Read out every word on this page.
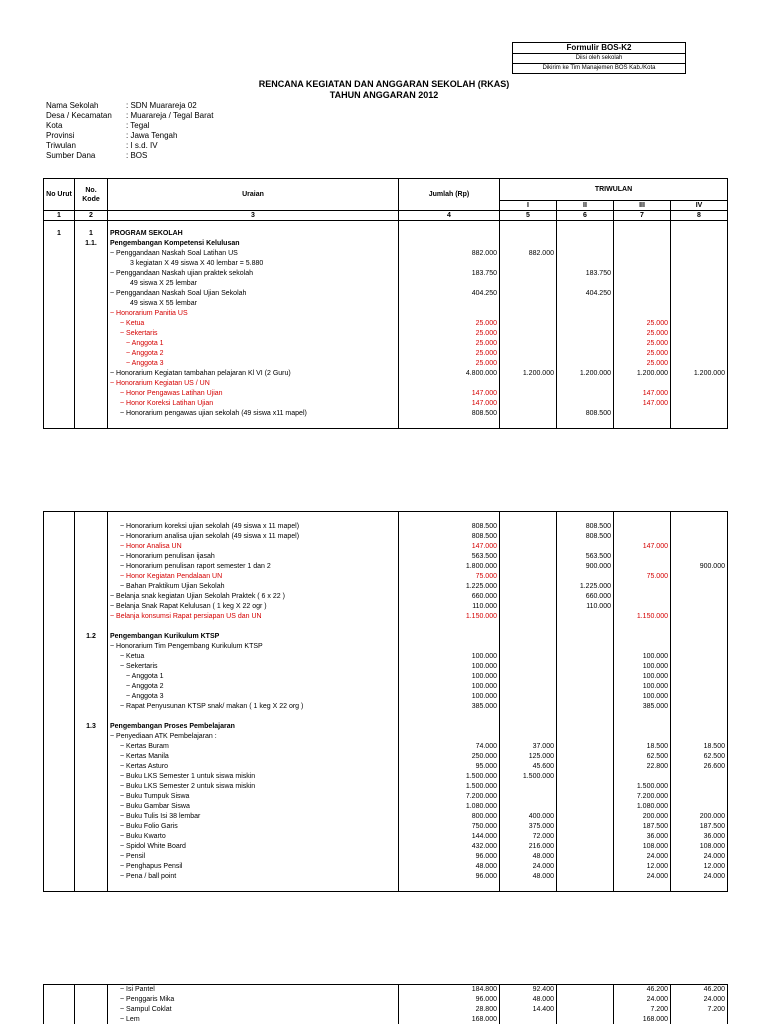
Formulir BOS-K2
Diisi oleh sekolah
Dikirim ke Tim Manajemen BOS Kab./Kota
RENCANA KEGIATAN DAN ANGGARAN SEKOLAH (RKAS)
TAHUN ANGGARAN 2012
Nama Sekolah	: SDN Muarareja 02
Desa / Kecamatan	: Muarareja / Tegal Barat
Kota	: Tegal
Provinsi	: Jawa Tengah
Triwulan	: I s.d. IV
Sumber Dana	: BOS
No Urut	No.
Kode	Uraian	Jumlah (Rp)	TRIWULAN			
				I	II	III	IV
1	2	3	4	5	6	7	8

1	1	PROGRAM SEKOLAH					
	1.1.	Pengembangan Kompetensi Kelulusan					
		~ Penggandaan Naskah Soal Latihan US	882.000	882.000			
		3 kegiatan X 49 siswa X 40 lembar = 5.880					
		~ Penggandaan Naskah ujian praktek sekolah	183.750		183.750		
		49 siswa X 25 lembar					
		~ Penggandaan Naskah Soal Ujian Sekolah	404.250		404.250		
		49 siswa X 55 lembar					
		~ Honorarium Panitia US					
		~ Ketua	25.000			25.000	
		~ Sekertaris	25.000			25.000	
		~ Anggota 1	25.000			25.000	
		~ Anggota 2	25.000			25.000	
		~ Anggota 3	25.000			25.000	
		~ Honorarium Kegiatan tambahan pelajaran Kl VI (2 Guru)	4.800.000	1.200.000	1.200.000	1.200.000	1.200.000
		~ Honorarium Kegiatan US / UN					
		~ Honor Pengawas Latihan Ujian	147.000			147.000	
		~ Honor Koreksi Latihan Ujian	147.000			147.000	
		~ Honorarium pengawas ujian sekolah (49 siswa x11 mapel)	808.500		808.500		

		~ Honorarium koreksi ujian sekolah (49 siswa x 11 mapel)	808.500		808.500		
		~ Honorarium analisa ujian sekolah (49 siswa x 11 mapel)	808.500		808.500		
		~ Honor Analisa UN	147.000			147.000	
		~ Honorarium penulisan ijasah	563.500		563.500		
		~ Honorarium penulisan raport semester 1 dan 2	1.800.000		900.000		900.000
		~ Honor Kegiatan Pendalaan UN	75.000			75.000	
		~ Bahan Praktikum Ujian Sekolah	1.225.000		1.225.000		
		~ Belanja snak kegiatan Ujian Sekolah Praktek ( 6 x 22 )	660.000		660.000		
		~ Belanja Snak Rapat Kelulusan ( 1 keg X 22 ogr )	110.000		110.000		
		~ Belanja konsumsi Rapat persiapan US dan UN	1.150.000			1.150.000	

	1.2	Pengembangan Kurikulum KTSP					
		~ Honorarium Tim Pengembang Kurikulum KTSP					
		~ Ketua	100.000			100.000	
		~ Sekertaris	100.000			100.000	
		~ Anggota 1	100.000			100.000	
		~ Anggota 2	100.000			100.000	
		~ Anggota 3	100.000			100.000	
		~ Rapat Penyusunan KTSP snak/ makan ( 1 keg X 22 org )	385.000			385.000	

	1.3	Pengembangan Proses Pembelajaran					
		~ Penyediaan ATK Pembelajaran :					
		~ Kertas Buram	74.000	37.000		18.500	18.500
		~ Kertas Manila	250.000	125.000		62.500	62.500
		~ Kertas Asturo	95.000	45.600		22.800	26.600
		~ Buku LKS Semester 1 untuk siswa miskin	1.500.000	1.500.000			
		~ Buku LKS Semester 2 untuk siswa miskin	1.500.000			1.500.000	
		~ Buku Tumpuk Siswa	7.200.000			7.200.000	
		~ Buku Gambar Siswa	1.080.000			1.080.000	
		~ Buku Tulis Isi 38 lembar	800.000	400.000		200.000	200.000
		~ Buku Folio Garis	750.000	375.000		187.500	187.500
		~ Buku Kwarto	144.000	72.000		36.000	36.000
		~ Spidol White Board	432.000	216.000		108.000	108.000
		~ Pensil	96.000	48.000		24.000	24.000
		~ Penghapus Pensil	48.000	24.000		12.000	12.000
		~ Pena / ball point	96.000	48.000		24.000	24.000

		~ Isi Pantel	184.800	92.400		46.200	46.200
		~ Penggaris Mika	96.000	48.000		24.000	24.000
		~ Sampul Coklat	28.800	14.400		7.200	7.200
		~ Lem	168.000			168.000	
